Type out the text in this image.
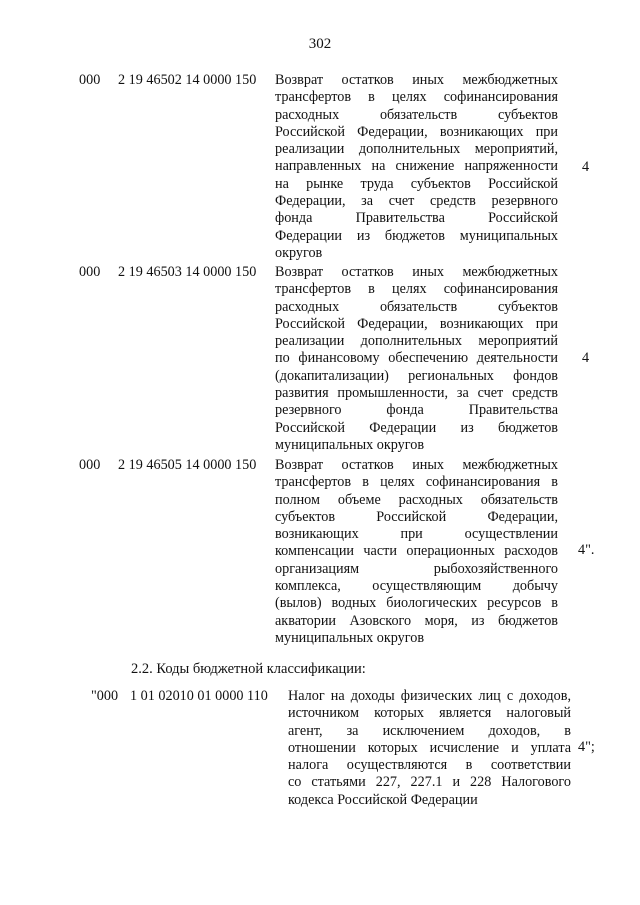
302
000 2 19 46502 14 0000 150 Возврат остатков иных межбюджетных
трансфертов в целях софинансирования
расходных обязательств субъектов
Российской Федерации, возникающих при
реализации дополнительных мероприятий,
направленных на снижение напряженности
на рынке труда субъектов Российской
Федерации, за счет средств резервного
фонда Правительства Российской
Федерации из бюджетов муниципальных
округов
4
000 2 19 46503 14 0000 150 Возврат остатков иных межбюджетных
трансфертов в целях софинансирования
расходных обязательств субъектов
Российской Федерации, возникающих при
реализации дополнительных мероприятий
по финансовому обеспечению деятельности
(докапитализации) региональных фондов
развития промышленности, за счет средств
резервного фонда Правительства
Российской Федерации из бюджетов
муниципальных округов
4
000 2 19 46505 14 0000 150 Возврат остатков иных межбюджетных
трансфертов в целях софинансирования в
полном объеме расходных обязательств
субъектов Российской Федерации,
возникающих при осуществлении
компенсации части операционных расходов
организациям рыбохозяйственного
комплекса, осуществляющим добычу
(вылов) водных биологических ресурсов в
акватории Азовского моря, из бюджетов
муниципальных округов
4".
2.2. Коды бюджетной классификации:
"000 1 01 02010 01 0000 110 Налог на доходы физических лиц с доходов,
источником которых является налоговый
агент, за исключением доходов, в
отношении которых исчисление и уплата
налога осуществляются в соответствии
со статьями 227, 227.1 и 228 Налогового
кодекса Российской Федерации
4";
